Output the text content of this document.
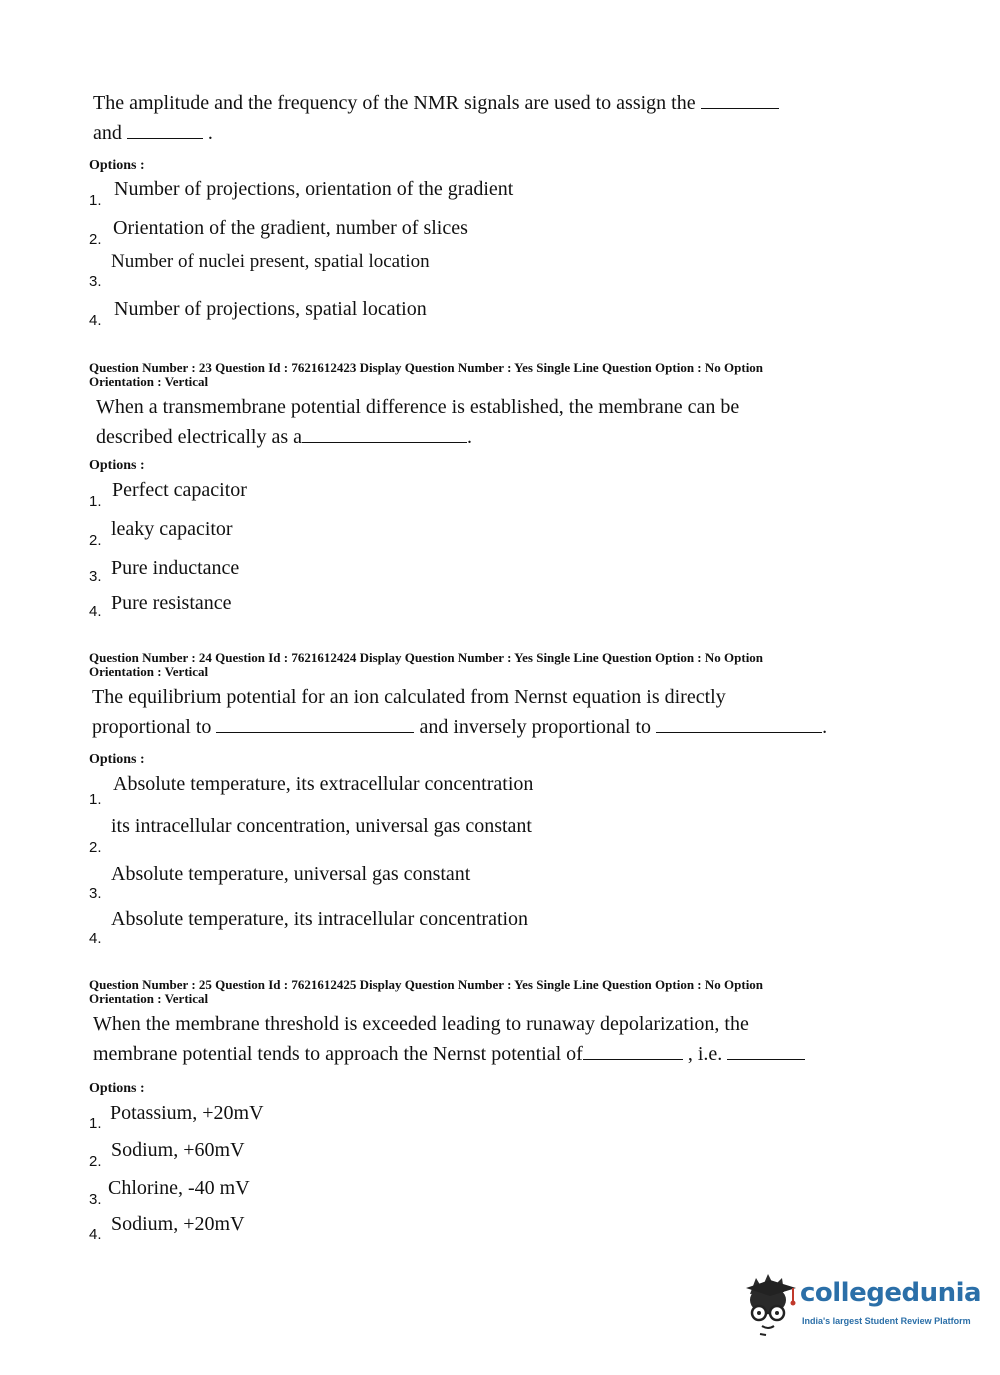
The amplitude and the frequency of the NMR signals are used to assign the

and	.

Options :
1.
Number of projections, orientation of the gradient
2.
Orientation of the gradient, number of slices
3.
Number of nuclei present, spatial location
4.
Number of projections, spatial location
Question Number : 23 Question Id : 7621612423 Display Question Number : Yes Single Line Question Option : No Option
Orientation : Vertical

When a transmembrane potential difference is established, the membrane can be

described electrically as a	.

Options :
1.
Perfect capacitor
2.
leaky capacitor
3. Pure inductance
4. Pure resistance
Question Number : 24 Question Id : 7621612424 Display Question Number : Yes Single Line Question Option : No Option
Orientation : Vertical

The equilibrium potential for an ion calculated from Nernst equation is directly

proportional to	and inversely proportional to	.

Options :
1.
Absolute temperature, its extracellular concentration
2.
its intracellular concentration, universal gas constant
3.
Absolute temperature, universal gas constant
4.
Absolute temperature, its intracellular concentration
Question Number : 25 Question Id : 7621612425 Display Question Number : Yes Single Line Question Option : No Option
Orientation : Vertical

When the membrane threshold is exceeded leading to runaway depolarization, the

membrane potential tends to approach the Nernst potential of	, i.e.

Options :
1. Potassium, +20mV
2.
Sodium, +60mV
3.
Chlorine, -40 mV
4. Sodium, +20mV
collegedunia
India's largest Student Review Platform
